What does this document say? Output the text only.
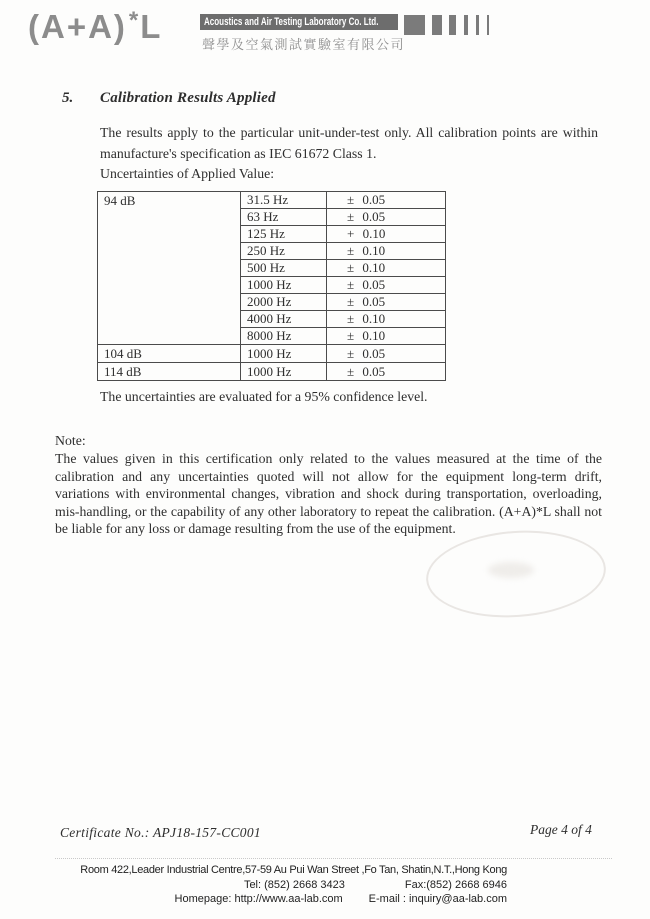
(A+A)*L	Acoustics and Air Testing Laboratory Co. Ltd.
聲學及空氣測試實驗室有限公司
5. Calibration Results Applied
The results apply to the particular unit-under-test only. All calibration points are within manufacture's specification as IEC 61672 Class 1.
Uncertainties of Applied Value:
94 dB	31.5 Hz	± 0.05
	63 Hz	± 0.05
	125 Hz	+ 0.10
	250 Hz	± 0.10
	500 Hz	± 0.10
	1000 Hz	± 0.05
	2000 Hz	± 0.05
	4000 Hz	± 0.10
	8000 Hz	± 0.10
104 dB	1000 Hz	± 0.05
114 dB	1000 Hz	± 0.05
The uncertainties are evaluated for a 95% confidence level.
Note:
The values given in this certification only related to the values measured at the time of the calibration and any uncertainties quoted will not allow for the equipment long-term drift, variations with environmental changes, vibration and shock during transportation, overloading, mis-handling, or the capability of any other laboratory to repeat the calibration. (A+A)*L shall not be liable for any loss or damage resulting from the use of the equipment.
Certificate No.: APJ18-157-CC001	Page 4 of 4
Room 422,Leader Industrial Centre,57-59 Au Pui Wan Street ,Fo Tan, Shatin,N.T.,Hong Kong
Tel: (852) 2668 3423	Fax:(852) 2668 6946
Homepage: http://www.aa-lab.com E-mail : inquiry@aa-lab.com
